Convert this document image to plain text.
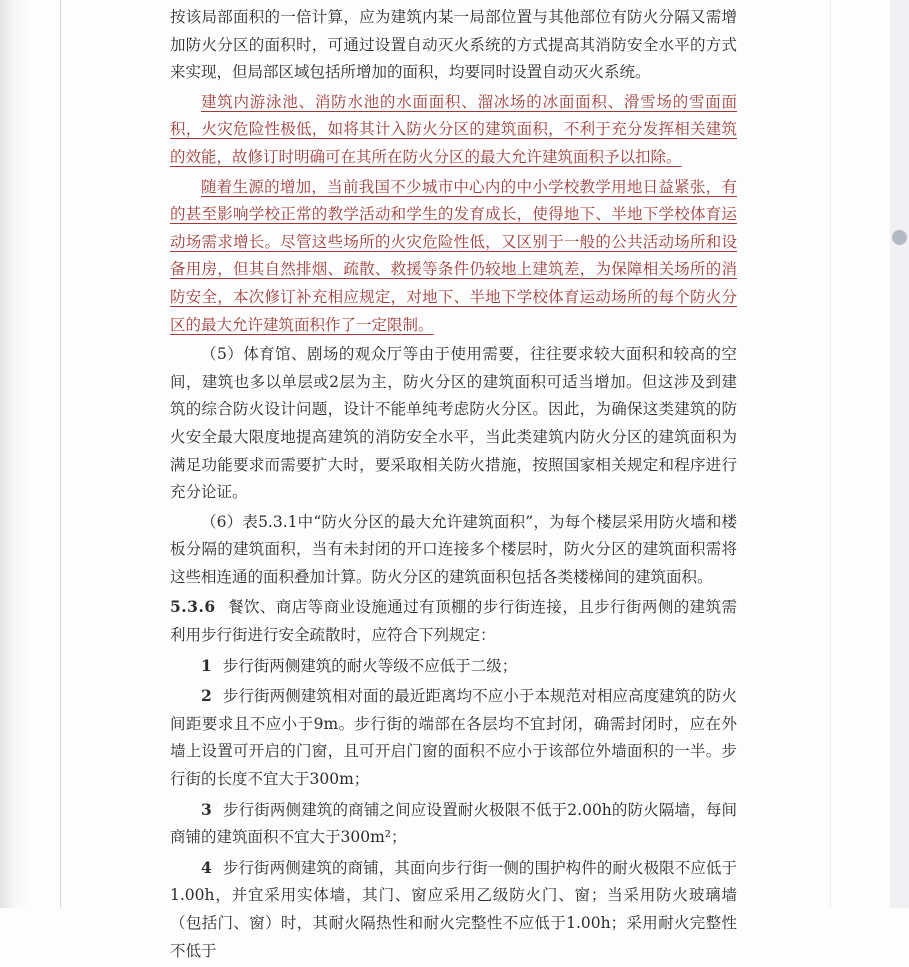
按该局部面积的一倍计算，应为建筑内某一局部位置与其他部位有防火分隔又需增加防火分区的面积时，可通过设置自动灭火系统的方式提高其消防安全水平的方式来实现，但局部区域包括所增加的面积，均要同时设置自动灭火系统。

建筑内游泳池、消防水池的水面面积、溜冰场的冰面面积、滑雪场的雪面面积，火灾危险性极低，如将其计入防火分区的建筑面积，不利于充分发挥相关建筑的效能，故修订时明确可在其所在防火分区的最大允许建筑面积予以扣除。

随着生源的增加，当前我国不少城市中心内的中小学校教学用地日益紧张，有的甚至影响学校正常的教学活动和学生的发育成长，使得地下、半地下学校体育运动场需求增长。尽管这些场所的火灾危险性低，又区别于一般的公共活动场所和设备用房，但其自然排烟、疏散、救援等条件仍较地上建筑差，为保障相关场所的消防安全，本次修订补充相应规定，对地下、半地下学校体育运动场所的每个防火分区的最大允许建筑面积作了一定限制。

（5）体育馆、剧场的观众厅等由于使用需要，往往要求较大面积和较高的空间，建筑也多以单层或2层为主，防火分区的建筑面积可适当增加。但这涉及到建筑的综合防火设计问题，设计不能单纯考虑防火分区。因此，为确保这类建筑的防火安全最大限度地提高建筑的消防安全水平，当此类建筑内防火分区的建筑面积为满足功能要求而需要扩大时，要采取相关防火措施，按照国家相关规定和程序进行充分论证。

（6）表5.3.1中“防火分区的最大允许建筑面积”，为每个楼层采用防火墙和楼板分隔的建筑面积，当有未封闭的开口连接多个楼层时，防火分区的建筑面积需将这些相连通的面积叠加计算。防火分区的建筑面积包括各类楼梯间的建筑面积。

5.3.6 餐饮、商店等商业设施通过有顶棚的步行街连接，且步行街两侧的建筑需利用步行街进行安全疏散时，应符合下列规定：

1 步行街两侧建筑的耐火等级不应低于二级；

2 步行街两侧建筑相对面的最近距离均不应小于本规范对相应高度建筑的防火间距要求且不应小于9m。步行街的端部在各层均不宜封闭，确需封闭时，应在外墙上设置可开启的门窗，且可开启门窗的面积不应小于该部位外墙面积的一半。步行街的长度不宜大于300m；

3 步行街两侧建筑的商铺之间应设置耐火极限不低于2.00h的防火隔墙，每间商铺的建筑面积不宜大于300m²；

4 步行街两侧建筑的商铺，其面向步行街一侧的围护构件的耐火极限不应低于1.00h，并宜采用实体墙，其门、窗应采用乙级防火门、窗；当采用防火玻璃墙（包括门、窗）时，其耐火隔热性和耐火完整性不应低于1.00h；采用耐火完整性不低于
